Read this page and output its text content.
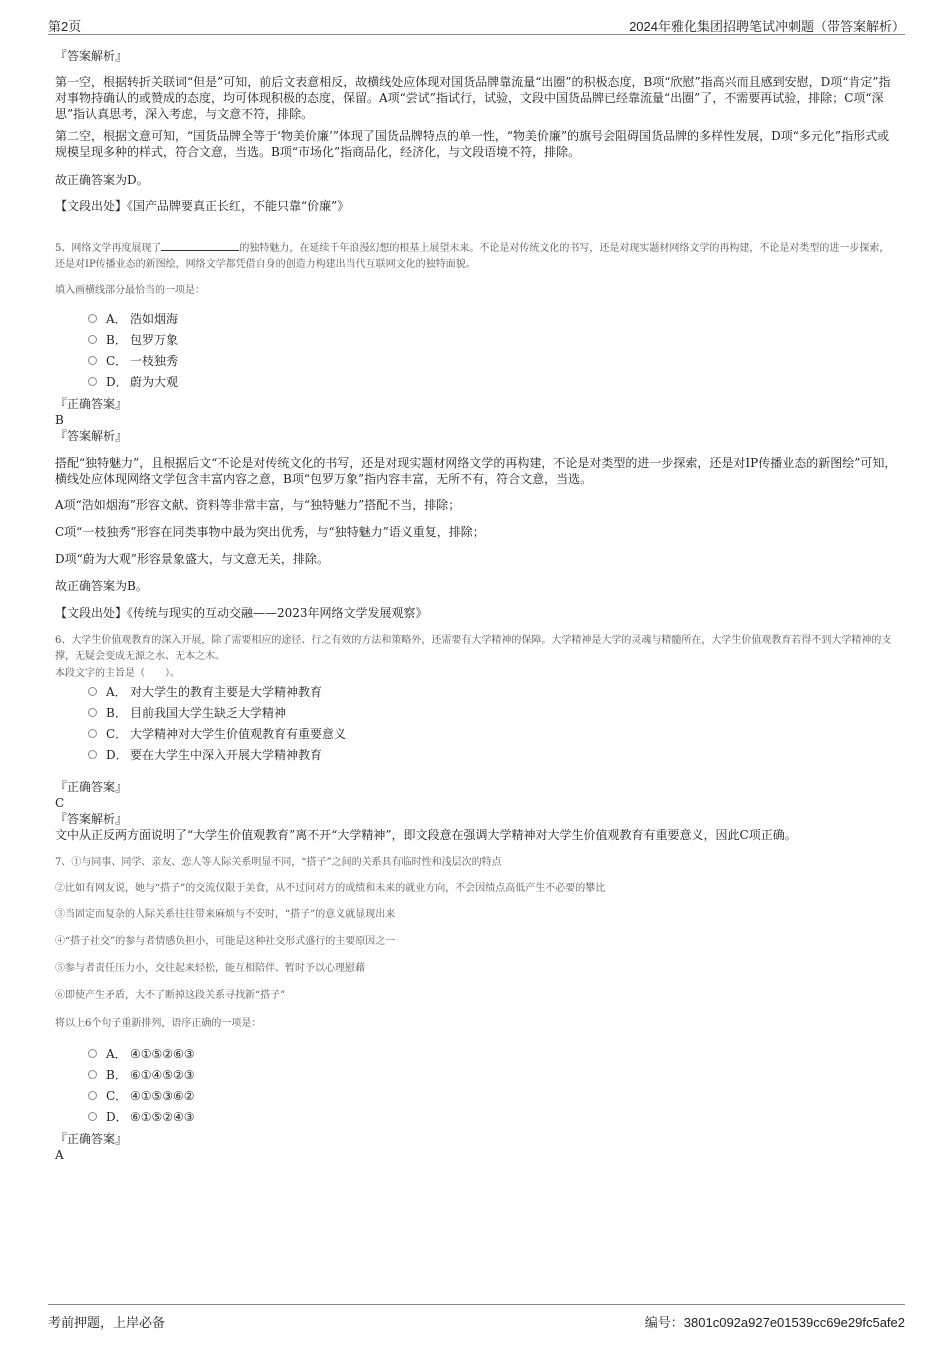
第2页	2024年雅化集团招聘笔试冲刺题（带答案解析）
『答案解析』
第一空，根据转折关联词“但是”可知，前后文表意相反，故横线处应体现对国货品牌靠流量“出圈”的积极态度，B项“欣慰”指高兴而且感到安慰，D项“肯定”指对事物持确认的或赞成的态度，均可体现积极的态度，保留。A项“尝试”指试行，试验，文段中国货品牌已经靠流量“出圈”了，不需要再试验，排除；C项“深思”指认真思考，深入考虑，与文意不符，排除。
第二空，根据文意可知，“国货品牌全等于‘物美价廉’”体现了国货品牌特点的单一性，“物美价廉”的旗号会阻碍国货品牌的多样性发展，D项“多元化”指形式或规模呈现多种的样式，符合文意，当选。B项“市场化”指商品化，经济化，与文段语境不符，排除。
故正确答案为D。
【文段出处】《国产品牌要真正长红，不能只靠“价廉”》
5、网络文学再度展现了	的独特魅力，在延续千年浪漫幻想的根基上展望未来。不论是对传统文化的书写，还是对现实题材网络文学的再构建，不论是对类型的进一步探索，还是对IP传播业态的新图绘，网络文学都凭借自身的创造力构建出当代互联网文化的独特面貌。
填入画横线部分最恰当的一项是：
A． 浩如烟海
B． 包罗万象
C． 一枝独秀
D． 蔚为大观
『正确答案』
B
『答案解析』
搭配“独特魅力”，且根据后文“不论是对传统文化的书写，还是对现实题材网络文学的再构建，不论是对类型的进一步探索，还是对IP传播业态的新图绘”可知，横线处应体现网络文学包含丰富内容之意，B项“包罗万象”指内容丰富，无所不有，符合文意，当选。
A项“浩如烟海”形容文献、资料等非常丰富，与“独特魅力”搭配不当，排除；
C项“一枝独秀”形容在同类事物中最为突出优秀，与“独特魅力”语义重复，排除；
D项“蔚为大观”形容景象盛大，与文意无关，排除。
故正确答案为B。
【文段出处】《传统与现实的互动交融——2023年网络文学发展观察》
6、大学生价值观教育的深入开展，除了需要相应的途径、行之有效的方法和策略外，还需要有大学精神的保障。大学精神是大学的灵魂与精髓所在，大学生价值观教育若得不到大学精神的支撑，无疑会变成无源之水、无本之木。
本段文字的主旨是（　　）。
A． 对大学生的教育主要是大学精神教育
B． 目前我国大学生缺乏大学精神
C． 大学精神对大学生价值观教育有重要意义
D． 要在大学生中深入开展大学精神教育
『正确答案』
C
『答案解析』
文中从正反两方面说明了“大学生价值观教育”离不开“大学精神”，即文段意在强调大学精神对大学生价值观教育有重要意义，因此C项正确。
7、①与同事、同学、亲友、恋人等人际关系明显不同，“搭子”之间的关系具有临时性和浅层次的特点
②比如有网友说，她与“搭子”的交流仅限于美食，从不过问对方的成绩和未来的就业方向，不会因绩点高低产生不必要的攀比
③当固定而复杂的人际关系往往带来麻烦与不安时，“搭子”的意义就显现出来
④“搭子社交”的参与者情感负担小，可能是这种社交形式盛行的主要原因之一
⑤参与者责任压力小，交往起来轻松，能互相陪伴、暂时予以心理慰藉
⑥即使产生矛盾，大不了断掉这段关系寻找新“搭子”
将以上6个句子重新排列，语序正确的一项是：
A． ④①⑤②⑥③
B． ⑥①④⑤②③
C． ④①⑤③⑥②
D． ⑥①⑤②④③
『正确答案』
A
考前押题，上岸必备	编号：3801c092a927e01539cc69e29fc5afe2
